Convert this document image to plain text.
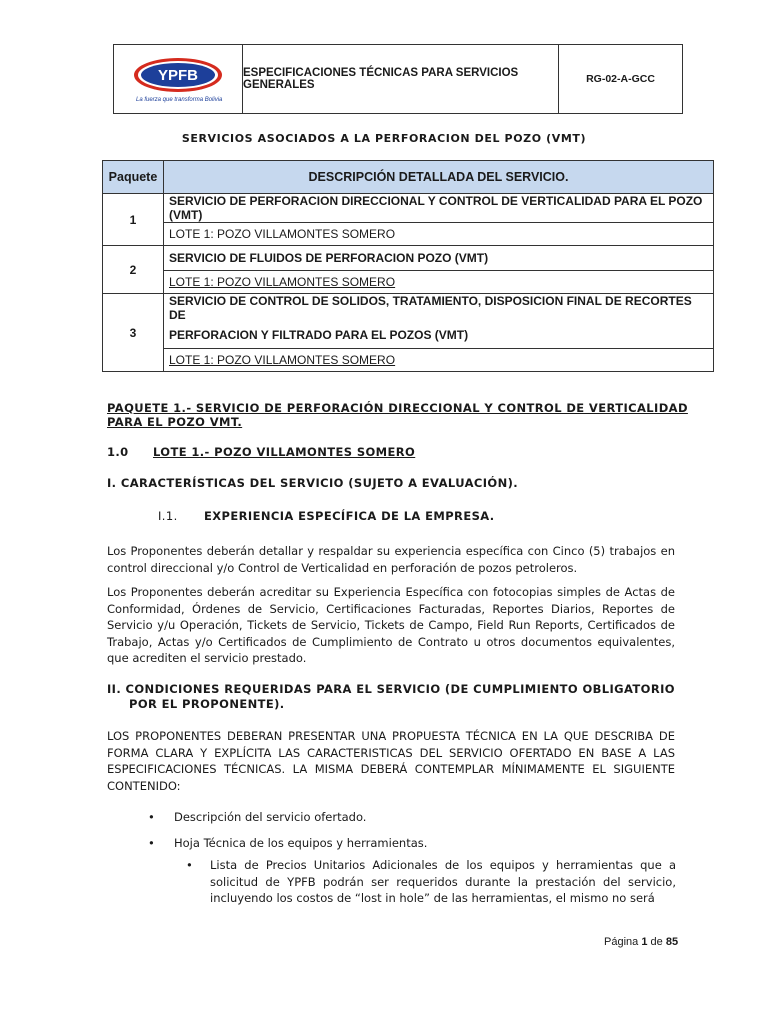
YPFB
La fuerza que transforma Bolivia
ESPECIFICACIONES TÉCNICAS PARA SERVICIOS GENERALES	RG-02-A-GCC
SERVICIOS ASOCIADOS A LA PERFORACION DEL POZO (VMT)
Paquete	DESCRIPCIÓN DETALLADA DEL SERVICIO.
1	SERVICIO DE PERFORACION DIRECCIONAL Y CONTROL DE VERTICALIDAD PARA EL POZO (VMT)
	LOTE 1: POZO VILLAMONTES SOMERO
2	SERVICIO DE FLUIDOS DE PERFORACION POZO (VMT)
	LOTE 1: POZO VILLAMONTES SOMERO
3	SERVICIO DE CONTROL DE SOLIDOS, TRATAMIENTO, DISPOSICION FINAL DE RECORTES DE
	PERFORACION Y FILTRADO PARA EL POZOS (VMT)
	LOTE 1: POZO VILLAMONTES SOMERO
PAQUETE 1.- SERVICIO DE PERFORACIÓN DIRECCIONAL Y CONTROL DE VERTICALIDAD
PARA EL POZO VMT.
1.0 LOTE 1.- POZO VILLAMONTES SOMERO
I. CARACTERÍSTICAS DEL SERVICIO (SUJETO A EVALUACIÓN).
I.1. EXPERIENCIA ESPECÍFICA DE LA EMPRESA.
Los Proponentes deberán detallar y respaldar su experiencia específica con Cinco (5) trabajos en control direccional y/o Control de Verticalidad en perforación de pozos petroleros.
Los Proponentes deberán acreditar su Experiencia Específica con fotocopias simples de Actas de Conformidad, Órdenes de Servicio, Certificaciones Facturadas, Reportes Diarios, Reportes de Servicio y/u Operación, Tickets de Servicio, Tickets de Campo, Field Run Reports, Certificados de Trabajo, Actas y/o Certificados de Cumplimiento de Contrato u otros documentos equivalentes, que acrediten el servicio prestado.
II. CONDICIONES REQUERIDAS PARA EL SERVICIO (DE CUMPLIMIENTO OBLIGATORIO
POR EL PROPONENTE).
LOS PROPONENTES DEBERAN PRESENTAR UNA PROPUESTA TÉCNICA EN LA QUE DESCRIBA DE FORMA CLARA Y EXPLÍCITA LAS CARACTERISTICAS DEL SERVICIO OFERTADO EN BASE A LAS ESPECIFICACIONES TÉCNICAS. LA MISMA DEBERÁ CONTEMPLAR MÍNIMAMENTE EL SIGUIENTE CONTENIDO:
• Descripción del servicio ofertado.
• Hoja Técnica de los equipos y herramientas.
• Lista de Precios Unitarios Adicionales de los equipos y herramientas que a solicitud de YPFB podrán ser requeridos durante la prestación del servicio, incluyendo los costos de “lost in hole” de las herramientas, el mismo no será
Página 1 de 85
